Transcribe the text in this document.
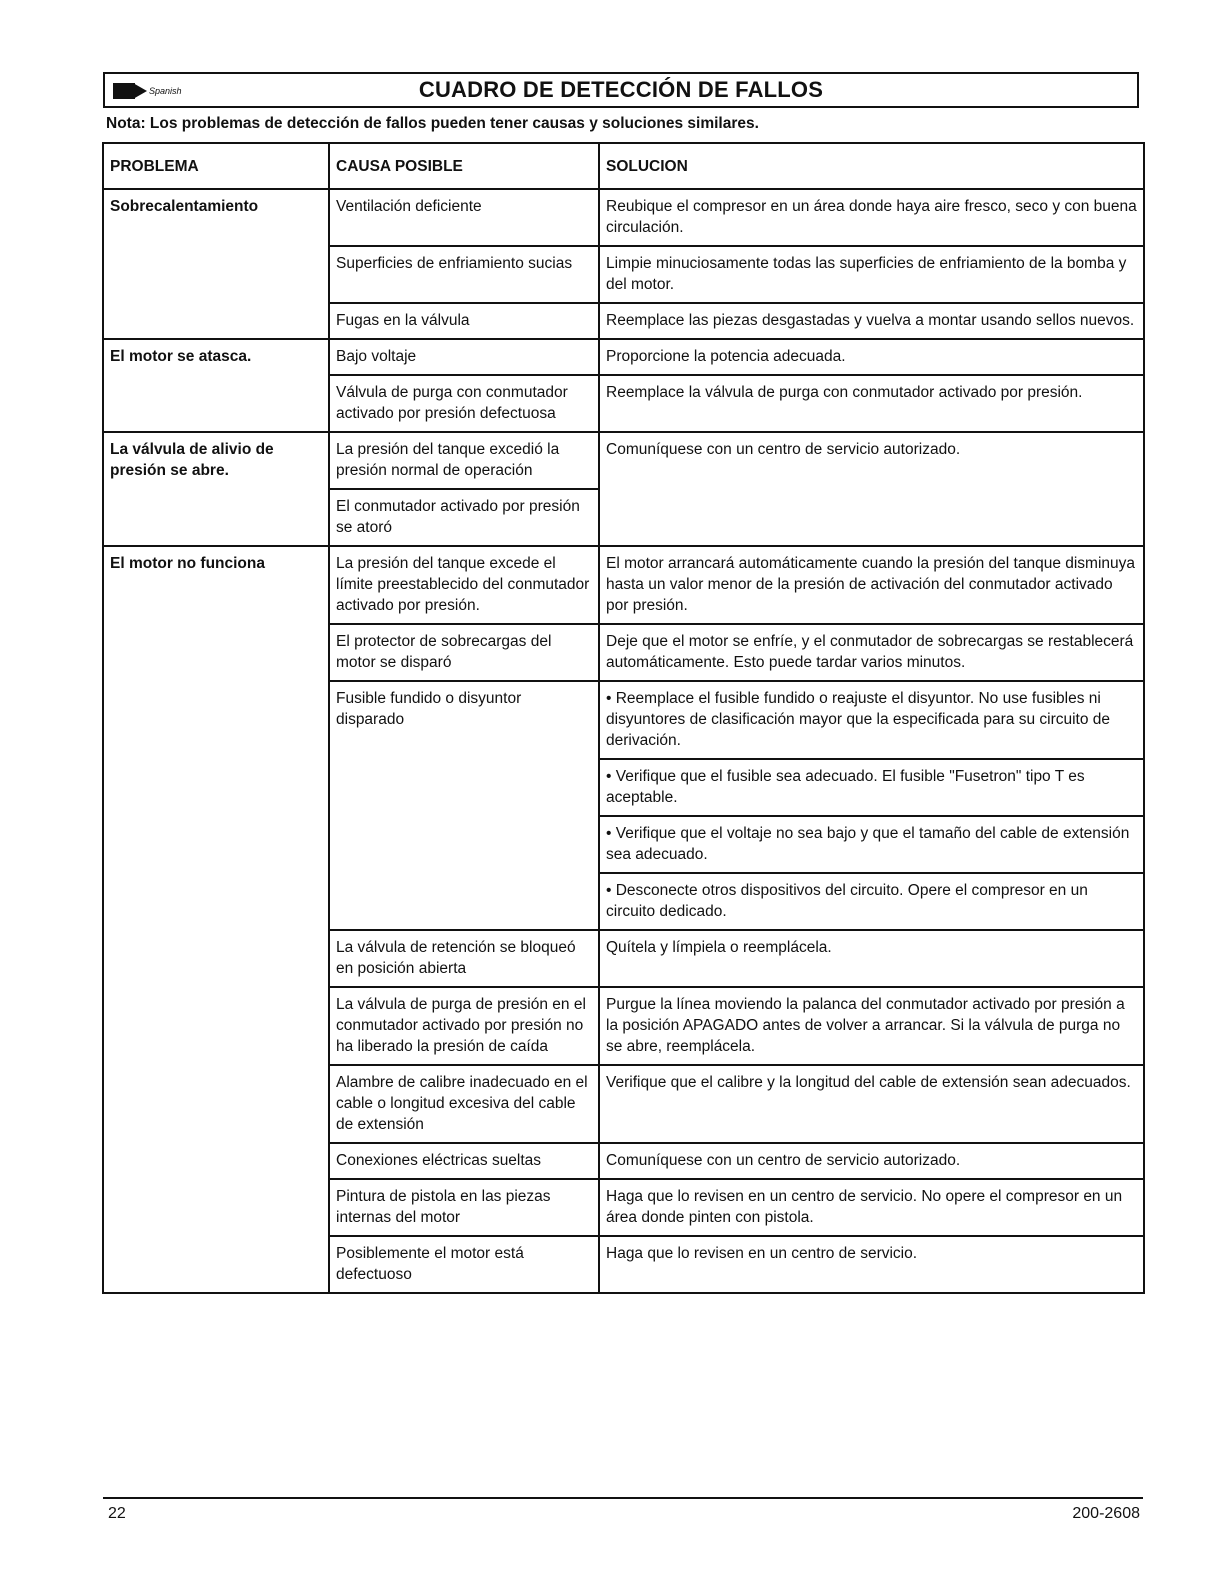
Spanish	CUADRO DE DETECCIÓN DE FALLOS
Nota: Los problemas de detección de fallos pueden tener causas y soluciones similares.
PROBLEMA	CAUSA POSIBLE	SOLUCION
Sobrecalentamiento	Ventilación deficiente	Reubique el compresor en un área donde haya aire fresco, seco y con buena circulación.
	Superficies de enfriamiento sucias	Limpie minuciosamente todas las superficies de enfriamiento de la bomba y del motor.
	Fugas en la válvula	Reemplace las piezas desgastadas y vuelva a montar usando sellos nuevos.
El motor se atasca.	Bajo voltaje	Proporcione la potencia adecuada.
	Válvula de purga con conmutador activado por presión defectuosa	Reemplace la válvula de purga con conmutador activado por presión.
La válvula de alivio de presión se abre.	La presión del tanque excedió la presión normal de operación	Comuníquese con un centro de servicio autorizado.
	El conmutador activado por presión se atoró	
El motor no funciona	La presión del tanque excede el límite preestablecido del conmutador activado por presión.	El motor arrancará automáticamente cuando la presión del tanque disminuya hasta un valor menor de la presión de activación del conmutador activado por presión.
	El protector de sobrecargas del motor se disparó	Deje que el motor se enfríe, y el conmutador de sobrecargas se restablecerá automáticamente. Esto puede tardar varios minutos.
	Fusible fundido o disyuntor disparado	• Reemplace el fusible fundido o reajuste el disyuntor. No use fusibles ni disyuntores de clasificación mayor que la especificada para su circuito de derivación.
		• Verifique que el fusible sea adecuado. El fusible "Fusetron" tipo T es aceptable.
		• Verifique que el voltaje no sea bajo y que el tamaño del cable de extensión sea adecuado.
		• Desconecte otros dispositivos del circuito. Opere el compresor en un circuito dedicado.
	La válvula de retención se bloqueó en posición abierta	Quítela y límpiela o reemplácela.
	La válvula de purga de presión en el conmutador activado por presión no ha liberado la presión de caída	Purgue la línea moviendo la palanca del conmutador activado por presión a la posición APAGADO antes de volver a arrancar. Si la válvula de purga no se abre, reemplácela.
	Alambre de calibre inadecuado en el cable o longitud excesiva del cable de extensión	Verifique que el calibre y la longitud del cable de extensión sean adecuados.
	Conexiones eléctricas sueltas	Comuníquese con un centro de servicio autorizado.
	Pintura de pistola en las piezas internas del motor	Haga que lo revisen en un centro de servicio. No opere el compresor en un área donde pinten con pistola.
	Posiblemente el motor está defectuoso	Haga que lo revisen en un centro de servicio.
22	200-2608
